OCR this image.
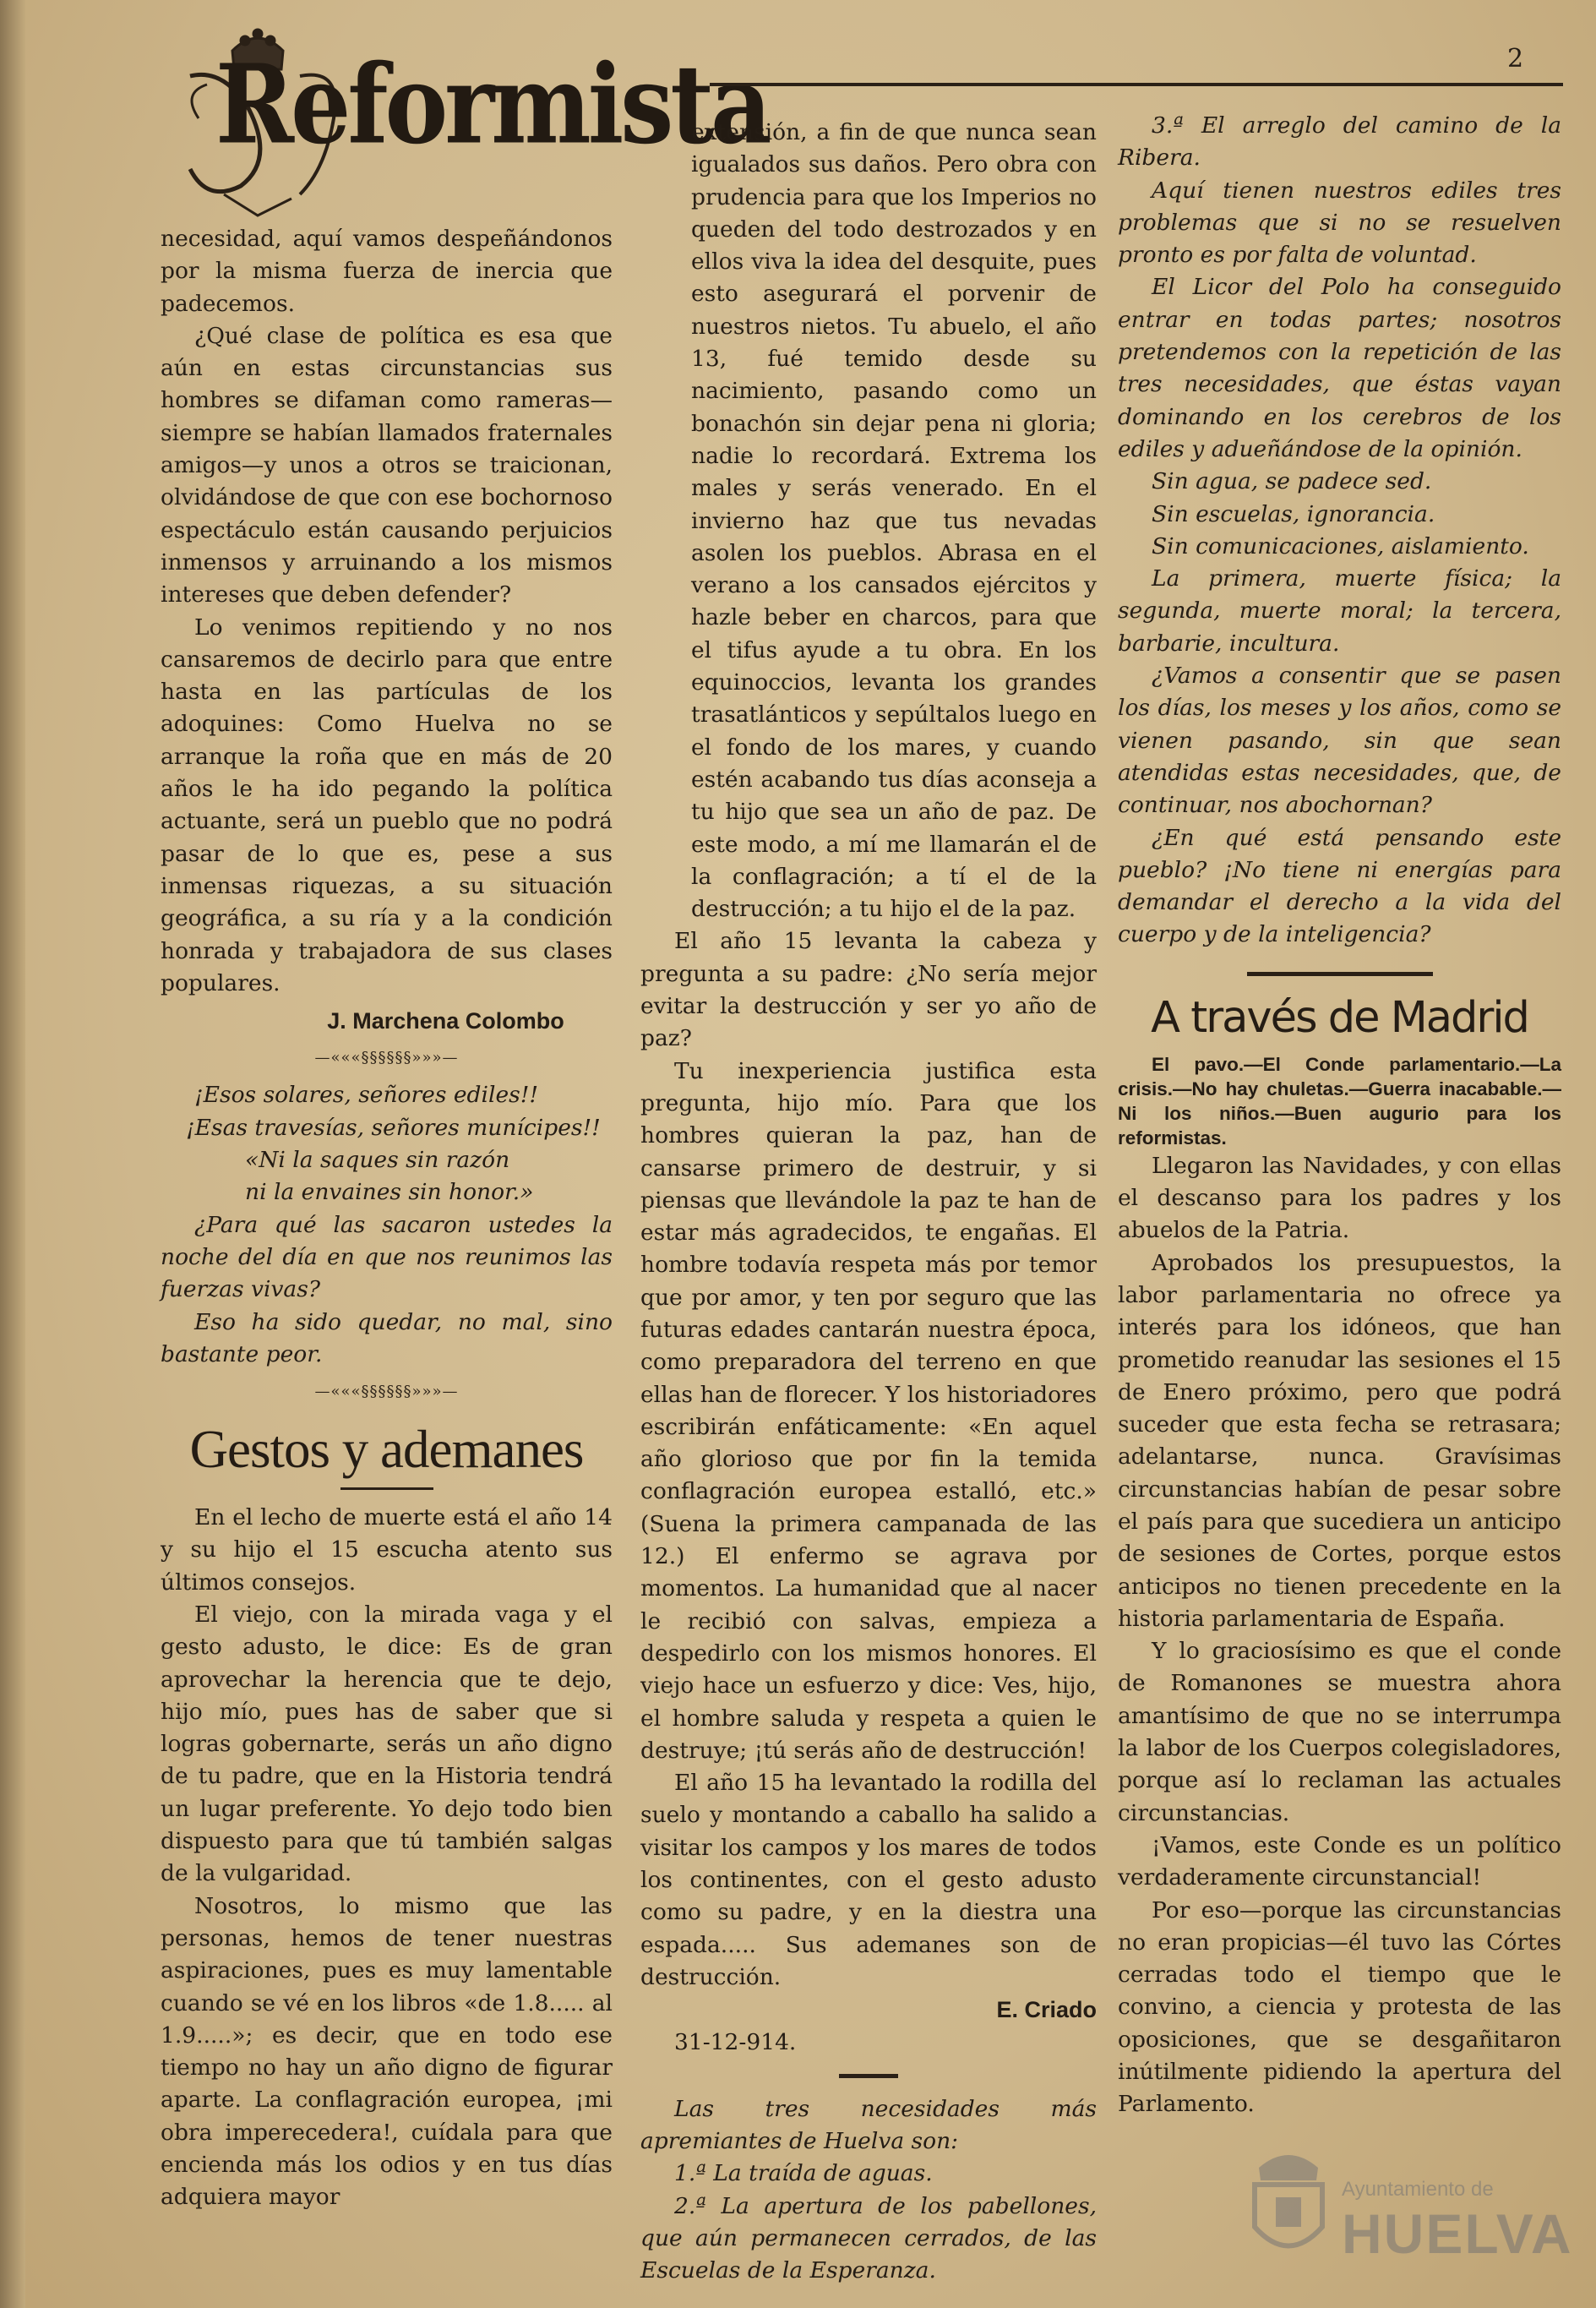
Reformista	2

necesidad, aquí vamos despeñándonos por la misma fuerza de inercia que padecemos.

¿Qué clase de política es esa que aún en estas circunstancias sus hombres se difaman como rameras—siempre se habían llamados fraternales amigos—y unos a otros se traicionan, olvidándose de que con ese bochornoso espectáculo están causando perjuicios inmensos y arruinando a los mismos intereses que deben defender?

Lo venimos repitiendo y no nos cansaremos de decirlo para que entre hasta en las partículas de los adoquines: Como Huelva no se arranque la roña que en más de 20 años le ha ido pegando la política actuante, será un pueblo que no podrá pasar de lo que es, pese a sus inmensas riquezas, a su situación geográfica, a su ría y a la condición honrada y trabajadora de sus clases populares.

J. Marchena Colombo

—«««§§§§§§»»»—

¡Esos solares, señores ediles!!

¡Esas travesías, señores munícipes!!

«Ni la saques sin razón

ni la envaines sin honor.»

¿Para qué las sacaron ustedes la noche del día en que nos reunimos las fuerzas vivas?

Eso ha sido quedar, no mal, sino bastante peor.

—«««§§§§§§»»»—
Gestos y ademanes

En el lecho de muerte está el año 14 y su hijo el 15 escucha atento sus últimos consejos.

El viejo, con la mirada vaga y el gesto adusto, le dice: Es de gran aprovechar la herencia que te dejo, hijo mío, pues has de saber que si logras gobernarte, serás un año digno de tu padre, que en la Historia tendrá un lugar preferente. Yo dejo todo bien dispuesto para que tú también salgas de la vulgaridad.

Nosotros, lo mismo que las personas, hemos de tener nuestras aspiraciones, pues es muy lamentable cuando se vé en los libros «de 1.8..... al 1.9.....»; es decir, que en todo ese tiempo no hay un año digno de figurar aparte. La conflagración europea, ¡mi obra imperecedera!, cuídala para que encienda más los odios y en tus días adquiera mayor

extensión, a fin de que nunca sean igualados sus daños. Pero obra con prudencia para que los Imperios no queden del todo destrozados y en ellos viva la idea del desquite, pues esto asegurará el porvenir de nuestros nietos. Tu abuelo, el año 13, fué temido desde su nacimiento, pasando como un bonachón sin dejar pena ni gloria; nadie lo recordará. Extrema los males y serás venerado. En el invierno haz que tus nevadas asolen los pueblos. Abrasa en el verano a los cansados ejércitos y hazle beber en charcos, para que el tifus ayude a tu obra. En los equinoccios, levanta los grandes trasatlánticos y sepúltalos luego en el fondo de los mares, y cuando estén acabando tus días aconseja a tu hijo que sea un año de paz. De este modo, a mí me llamarán el de la conflagración; a tí el de la destrucción; a tu hijo el de la paz.

El año 15 levanta la cabeza y pregunta a su padre: ¿No sería mejor evitar la destrucción y ser yo año de paz?

Tu inexperiencia justifica esta pregunta, hijo mío. Para que los hombres quieran la paz, han de cansarse primero de destruir, y si piensas que llevándole la paz te han de estar más agradecidos, te engañas. El hombre todavía respeta más por temor que por amor, y ten por seguro que las futuras edades cantarán nuestra época, como preparadora del terreno en que ellas han de florecer. Y los historiadores escribirán enfáticamente: «En aquel año glorioso que por fin la temida conflagración europea estalló, etc.» (Suena la primera campanada de las 12.) El enfermo se agrava por momentos. La humanidad que al nacer le recibió con salvas, empieza a despedirlo con los mismos honores. El viejo hace un esfuerzo y dice: Ves, hijo, el hombre saluda y respeta a quien le destruye; ¡tú serás año de destrucción!

El año 15 ha levantado la rodilla del suelo y montando a caballo ha salido a visitar los campos y los mares de todos los continentes, con el gesto adusto como su padre, y en la diestra una espada..... Sus ademanes son de destrucción.

E. Criado

31-12-914.

Las tres necesidades más apremiantes de Huelva son:

1.ª La traída de aguas.

2.ª La apertura de los pabellones, que aún permanecen cerrados, de las Escuelas de la Esperanza.

3.ª El arreglo del camino de la Ribera.

Aquí tienen nuestros ediles tres problemas que si no se resuelven pronto es por falta de voluntad.

El Licor del Polo ha conseguido entrar en todas partes; nosotros pretendemos con la repetición de las tres necesidades, que éstas vayan dominando en los cerebros de los ediles y adueñándose de la opinión.

Sin agua, se padece sed.

Sin escuelas, ignorancia.

Sin comunicaciones, aislamiento.

La primera, muerte física; la segunda, muerte moral; la tercera, barbarie, incultura.

¿Vamos a consentir que se pasen los días, los meses y los años, como se vienen pasando, sin que sean atendidas estas necesidades, que, de continuar, nos abochornan?

¿En qué está pensando este pueblo? ¡No tiene ni energías para demandar el derecho a la vida del cuerpo y de la inteligencia?

A través de Madrid

El pavo.—El Conde parlamentario.—La crisis.—No hay chuletas.—Guerra inacabable.—Ni los niños.—Buen augurio para los reformistas.

Llegaron las Navidades, y con ellas el descanso para los padres y los abuelos de la Patria.

Aprobados los presupuestos, la labor parlamentaria no ofrece ya interés para los idóneos, que han prometido reanudar las sesiones el 15 de Enero próximo, pero que podrá suceder que esta fecha se retrasara; adelantarse, nunca. Gravísimas circunstancias habían de pesar sobre el país para que sucediera un anticipo de sesiones de Cortes, porque estos anticipos no tienen precedente en la historia parlamentaria de España.

Y lo graciosísimo es que el conde de Romanones se muestra ahora amantísimo de que no se interrumpa la labor de los Cuerpos colegisladores, porque así lo reclaman las actuales circunstancias.

¡Vamos, este Conde es un político verdaderamente circunstancial!

Por eso—porque las circunstancias no eran propicias—él tuvo las Córtes cerradas todo el tiempo que le convino, a ciencia y protesta de las oposiciones, que se desgañitaron inútilmente pidiendo la apertura del Parlamento.

Ayuntamiento de
HUELVA
